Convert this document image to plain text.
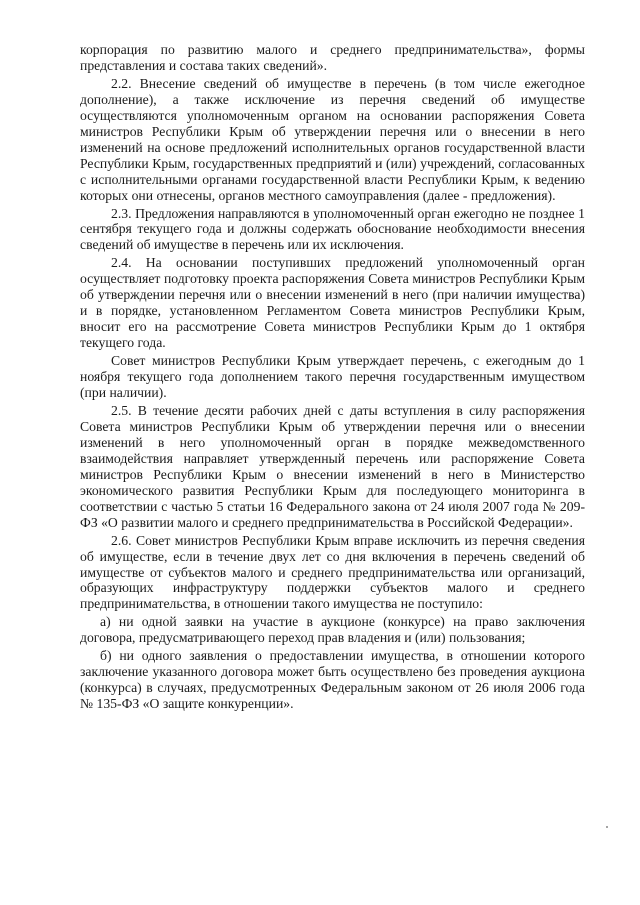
корпорация по развитию малого и среднего предпринимательства», формы представления и состава таких сведений».

2.2. Внесение сведений об имуществе в перечень (в том числе ежегодное дополнение), а также исключение из перечня сведений об имуществе осуществляются уполномоченным органом на основании распоряжения Совета министров Республики Крым об утверждении перечня или о внесении в него изменений на основе предложений исполнительных органов государственной власти Республики Крым, государственных предприятий и (или) учреждений, согласованных с исполнительными органами государственной власти Республики Крым, к ведению которых они отнесены, органов местного самоуправления (далее - предложения).

2.3. Предложения направляются в уполномоченный орган ежегодно не позднее 1 сентября текущего года и должны содержать обоснование необходимости внесения сведений об имуществе в перечень или их исключения.

2.4. На основании поступивших предложений уполномоченный орган осуществляет подготовку проекта распоряжения Совета министров Республики Крым об утверждении перечня или о внесении изменений в него (при наличии имущества) и в порядке, установленном Регламентом Совета министров Республики Крым, вносит его на рассмотрение Совета министров Республики Крым до 1 октября текущего года.

Совет министров Республики Крым утверждает перечень, с ежегодным до 1 ноября текущего года дополнением такого перечня государственным имуществом (при наличии).

2.5. В течение десяти рабочих дней с даты вступления в силу распоряжения Совета министров Республики Крым об утверждении перечня или о внесении изменений в него уполномоченный орган в порядке межведомственного взаимодействия направляет утвержденный перечень или распоряжение Совета министров Республики Крым о внесении изменений в него в Министерство экономического развития Республики Крым для последующего мониторинга в соответствии с частью 5 статьи 16 Федерального закона от 24 июля 2007 года № 209-ФЗ «О развитии малого и среднего предпринимательства в Российской Федерации».

2.6. Совет министров Республики Крым вправе исключить из перечня сведения об имуществе, если в течение двух лет со дня включения в перечень сведений об имуществе от субъектов малого и среднего предпринимательства или организаций, образующих инфраструктуру поддержки субъектов малого и среднего предпринимательства, в отношении такого имущества не поступило:

а) ни одной заявки на участие в аукционе (конкурсе) на право заключения договора, предусматривающего переход прав владения и (или) пользования;

б) ни одного заявления о предоставлении имущества, в отношении которого заключение указанного договора может быть осуществлено без проведения аукциона (конкурса) в случаях, предусмотренных Федеральным законом от 26 июля 2006 года № 135-ФЗ «О защите конкуренции».
